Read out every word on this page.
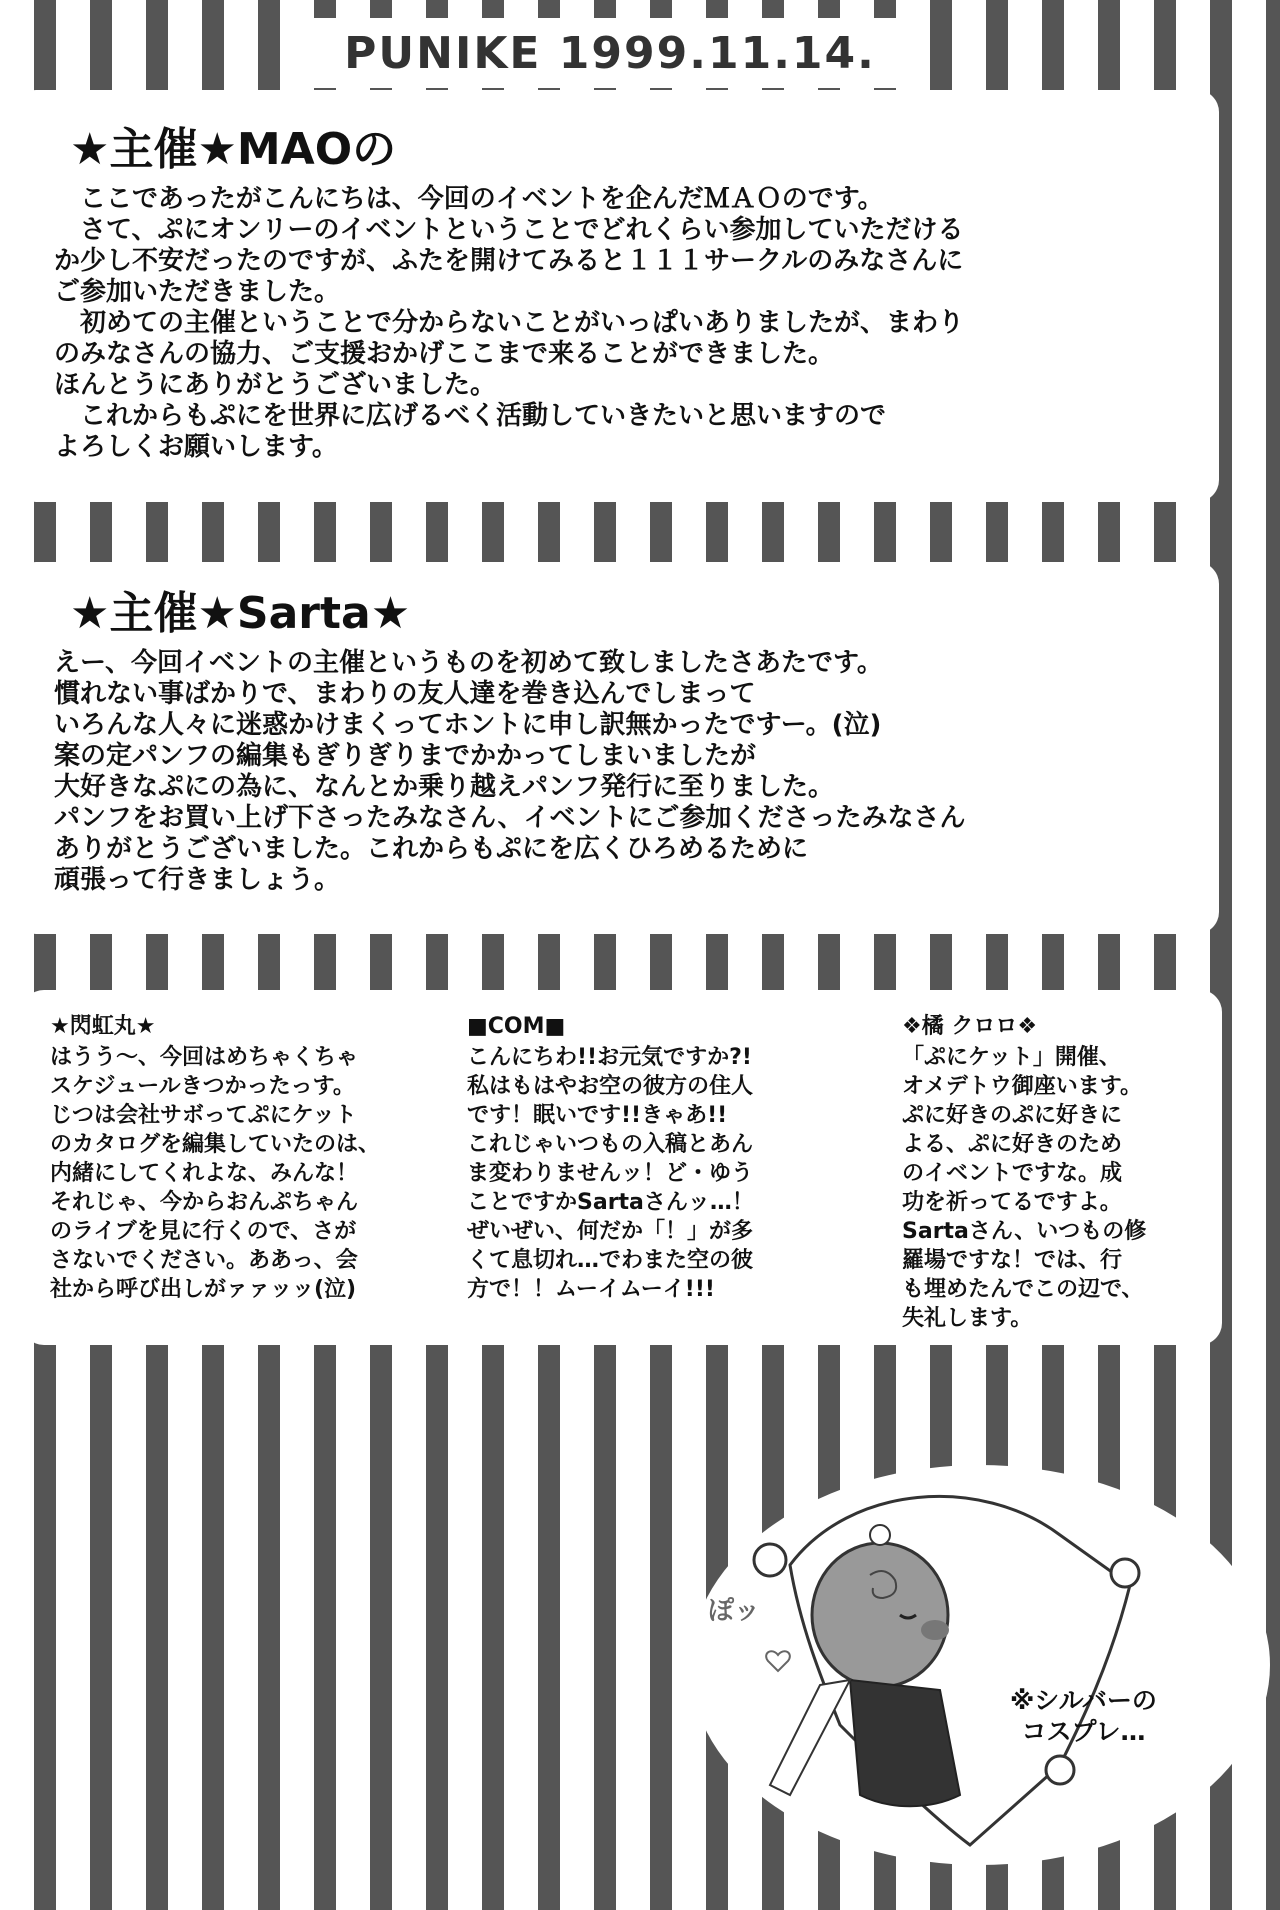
PUNIKE 1999.11.14.
★主催★MAOの

　ここであったがこんにちは、今回のイベントを企んだＭＡＯのです。

　さて、ぷにオンリーのイベントということでどれくらい参加していただける

か少し不安だったのですが、ふたを開けてみると１１１サークルのみなさんに

ご参加いただきました。

　初めての主催ということで分からないことがいっぱいありましたが、まわり

のみなさんの協力、ご支援おかげここまで来ることができました。

ほんとうにありがとうございました。

　これからもぷにを世界に広げるべく活動していきたいと思いますので

よろしくお願いします。

★主催★Sarta★

えー、今回イベントの主催というものを初めて致しましたさあたです。

慣れない事ばかりで、まわりの友人達を巻き込んでしまって

いろんな人々に迷惑かけまくってホントに申し訳無かったですー。(泣)

案の定パンフの編集もぎりぎりまでかかってしまいましたが

大好きなぷにの為に、なんとか乗り越えパンフ発行に至りました。

パンフをお買い上げ下さったみなさん、イベントにご参加くださったみなさん

ありがとうございました。これからもぷにを広くひろめるために

頑張って行きましょう。

★閃虹丸★

はうう～、今回はめちゃくちゃ

スケジュールきつかったっす。

じつは会社サボってぷにケット

のカタログを編集していたのは、

内緒にしてくれよな、みんな！

それじゃ、今からおんぷちゃん

のライブを見に行くので、さが

さないでください。ああっ、会

社から呼び出しがァァッッ(泣)

■COM■

こんにちわ!!お元気ですか?!

私はもはやお空の彼方の住人

です！眠いです!!きゃあ!!

これじゃいつもの入稿とあん

ま変わりませんッ！ど・ゆう

ことですかSartaさんッ…！

ぜいぜい、何だか「！」が多

くて息切れ…でわまた空の彼

方で！！ムーイムーイ!!!

❖橘 クロロ❖

「ぷにケット」開催、

オメデトウ御座います。

ぷに好きのぷに好きに

よる、ぷに好きのため

のイベントですな。成

功を祈ってるですよ。

Sartaさん、いつもの修

羅場ですな！では、行

も埋めたんでこの辺で、

失礼します。

ぽッ

※シルバーの

コスプレ…
